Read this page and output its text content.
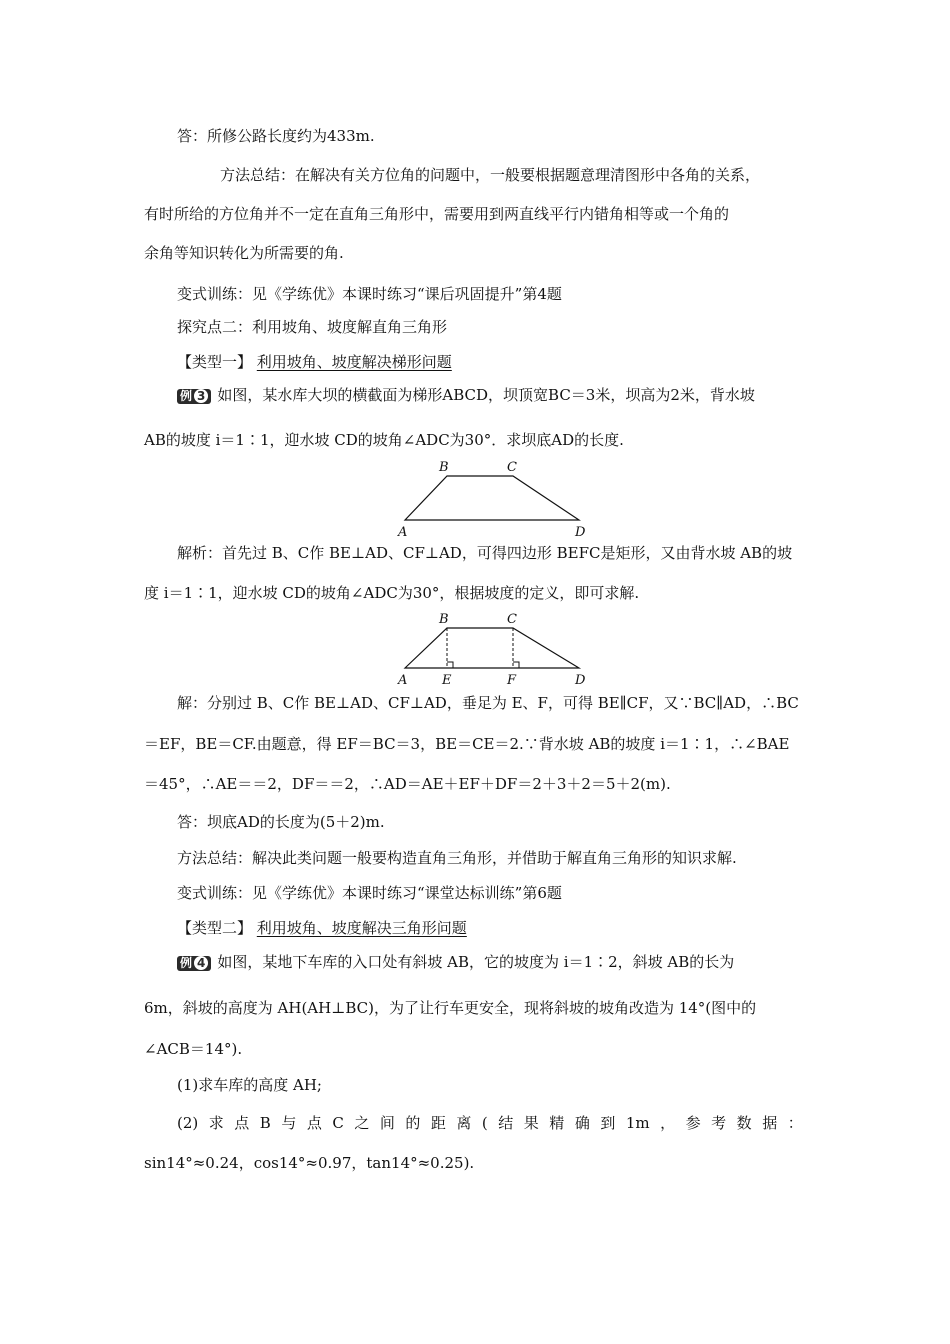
答：所修公路长度约为433m.
方法总结：在解决有关方位角的问题中，一般要根据题意理清图形中各角的关系，
有时所给的方位角并不一定在直角三角形中，需要用到两直线平行内错角相等或一个角的
余角等知识转化为所需要的角.
变式训练：见《学练优》本课时练习“课后巩固提升”第4题
探究点二：利用坡角、坡度解直角三角形
【类型一】 利用坡角、坡度解决梯形问题
例 3 如图，某水库大坝的横截面为梯形ABCD，坝顶宽BC＝3米，坝高为2米，背水坡
AB的坡度 i＝1∶1，迎水坡 CD的坡角∠ADC为30°．求坝底AD的长度.
B	C
A	D
解析：首先过 B、C作 BE⊥AD、CF⊥AD，可得四边形 BEFC是矩形，又由背水坡 AB的坡
度 i＝1∶1，迎水坡 CD的坡角∠ADC为30°，根据坡度的定义，即可求解.
B	C
A	E	F	D
解：分别过 B、C作 BE⊥AD、CF⊥AD，垂足为 E、F，可得 BE∥CF，又∵BC∥AD，∴BC
＝EF，BE＝CF.由题意，得 EF＝BC＝3，BE＝CE＝2.∵背水坡 AB的坡度 i＝1∶1，∴∠BAE
＝45°，∴AE＝＝2，DF＝＝2，∴AD＝AE＋EF＋DF＝2＋3＋2＝5＋2(m).
答：坝底AD的长度为(5＋2)m.
方法总结：解决此类问题一般要构造直角三角形，并借助于解直角三角形的知识求解.
变式训练：见《学练优》本课时练习“课堂达标训练”第6题
【类型二】 利用坡角、坡度解决三角形问题
例 4 如图，某地下车库的入口处有斜坡 AB，它的坡度为 i＝1∶2，斜坡 AB的长为
6m，斜坡的高度为 AH(AH⊥BC)，为了让行车更安全，现将斜坡的坡角改造为 14°(图中的
∠ACB＝14°).
(1)求车库的高度 AH;
(2) 求 点 B 与 点 C 之 间 的 距 离 ( 结 果 精 确 到 1m ， 参 考 数 据 ：
sin14°≈0.24，cos14°≈0.97，tan14°≈0.25).
